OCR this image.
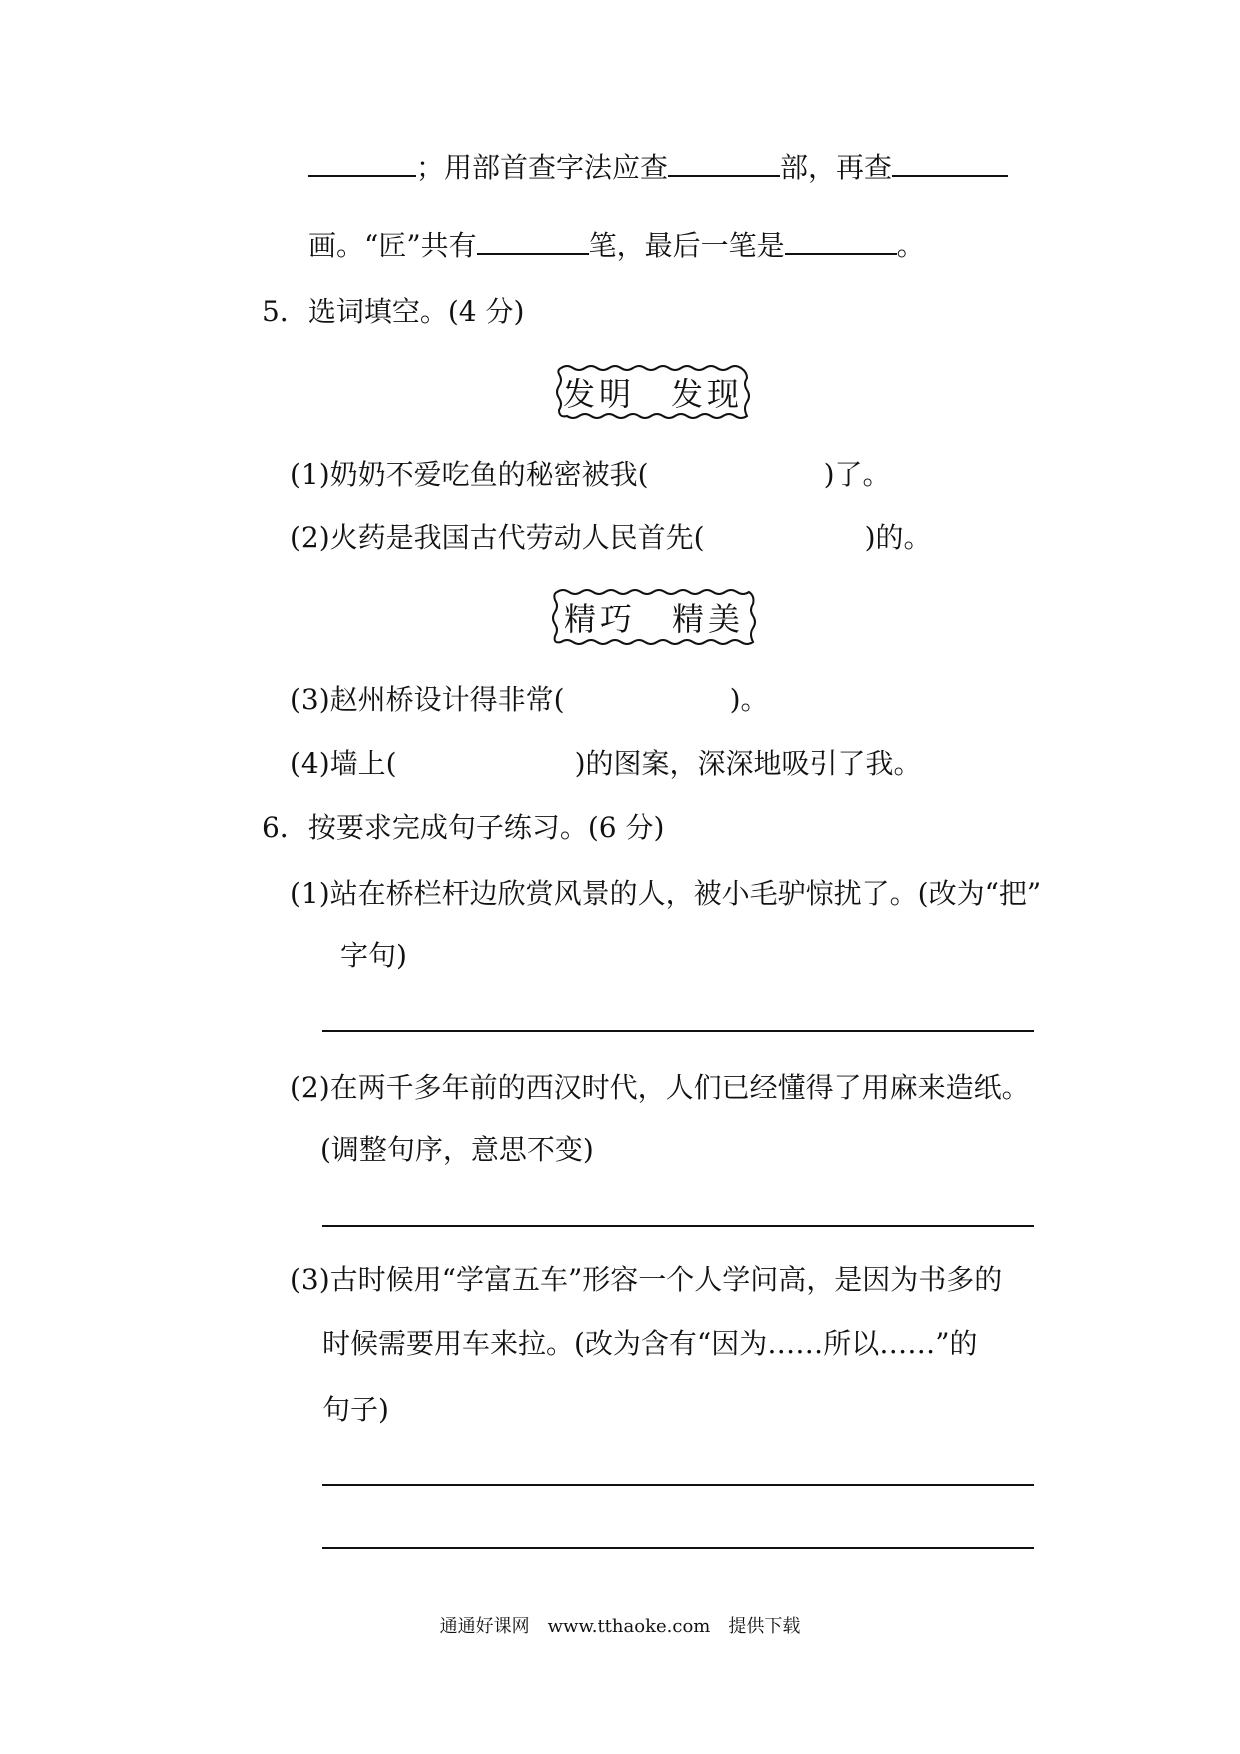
；用部首查字法应查	部，再查
画。“匠”共有	笔，最后一笔是	。
5．选词填空。(4 分)
发明　发现
(1)奶奶不爱吃鱼的秘密被我(	)了。
(2)火药是我国古代劳动人民首先(	)的。
精巧　精美
(3)赵州桥设计得非常(	)。
(4)墙上(	)的图案，深深地吸引了我。
6．按要求完成句子练习。(6 分)
(1)站在桥栏杆边欣赏风景的人，被小毛驴惊扰了。(改为“把”
字句)
(2)在两千多年前的西汉时代，人们已经懂得了用麻来造纸。
(调整句序，意思不变)
(3)古时候用“学富五车”形容一个人学问高，是因为书多的
时候需要用车来拉。(改为含有“因为……所以……”的
句子)
通通好课网　www.tthaoke.com　提供下载
